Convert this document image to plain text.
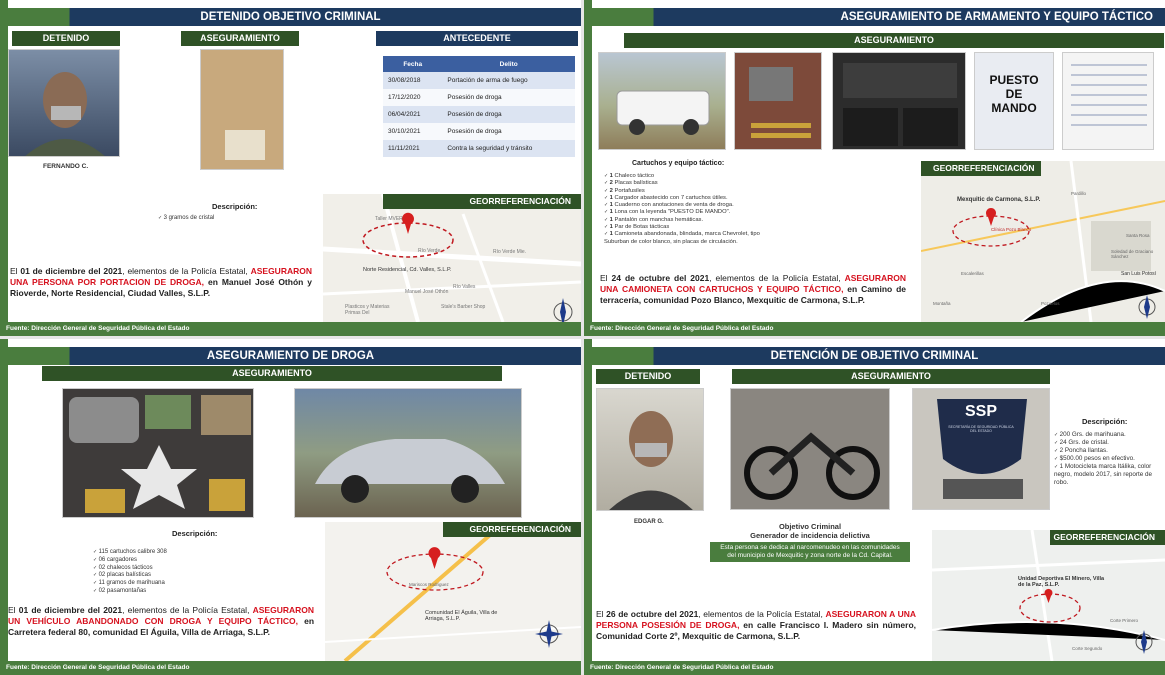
DETENIDO OBJETIVO CRIMINAL
DETENIDO	ASEGURAMIENTO	ANTECEDENTE
FERNANDO C.
Fecha	Delito
30/08/2018	Portación de arma de fuego
17/12/2020	Posesión de droga
06/04/2021	Posesión de droga
30/10/2021	Posesión de droga
11/11/2021	Contra la seguridad y tránsito
Descripción:
✓ 3 gramos de cristal
El 01 de diciembre del 2021, elementos de la Policía Estatal, ASEGURARON UNA PERSONA POR PORTACION DE DROGA, en Manuel José Othón y Rioverde, Norte Residencial, Ciudad Valles, S.L.P.
GEORREFERENCIACIÓN
Norte Residencial, Cd. Valles, S.L.P.
Río Verde Mie.
Río Verde
Río Valles
Plasticos y Materias Primas Del
Stale's Barber Shop
Taller MVER
Manuel José Othón
Fuente: Dirección General de Seguridad Pública del Estado
ASEGURAMIENTO DE ARMAMENTO Y EQUIPO TÁCTICO
ASEGURAMIENTO
PUESTO
DE
MANDO
Cartuchos y equipo táctico:
✓ 1 Chaleco táctico
✓ 2 Placas balísticas
✓ 2 Portafusiles
✓ 1 Cargador abastecido con 7 cartuchos útiles.
✓ 1 Cuaderno con anotaciones de venta de droga.
✓ 1 Lona con la leyenda "PUESTO DE MANDO".
✓ 1 Pantalón con manchas hemáticas.
✓ 1 Par de Botas tácticas
✓ 1 Camioneta abandonada, blindada, marca Chevrolet, tipo Suburban de color blanco, sin placas de circulación.
El 24 de octubre del 2021, elementos de la Policía Estatal, ASEGURARON UNA CAMIONETA CON CARTUCHOS Y EQUIPO TÁCTICO, en Camino de terracería, comunidad Pozo Blanco, Mexquitic de Carmona, S.L.P.
GEORREFERENCIACIÓN
Mexquitic de Carmona, S.L.P.
Clínica Pozo Blanco
San Luis Potosí
Soledad de Graciano Sánchez
Santa Rosa
Escalerillas
Pozuelos
Pardillo
Montaña
Fuente: Dirección General de Seguridad Pública del Estado
ASEGURAMIENTO DE DROGA
ASEGURAMIENTO
Descripción:
✓ 115 cartuchos calibre 308
✓ 06 cargadores
✓ 02 chalecos tácticos
✓ 02 placas balísticas
✓ 11 gramos de marihuana
✓ 02 pasamontañas
El 01 de diciembre del 2021, elementos de la Policía Estatal, ASEGURARON UN VEHÍCULO ABANDONADO CON DROGA Y EQUIPO TÁCTICO, en Carretera federal 80, comunidad El Águila, Villa de Arriaga, S.L.P.
GEORREFERENCIACIÓN
Comunidad El Águila, Villa de Arriaga, S.L.P.
Mariscos Rodriguez
Fuente: Dirección General de Seguridad Pública del Estado
DETENCIÓN DE OBJETIVO CRIMINAL
DETENIDO	ASEGURAMIENTO
EDGAR G.
SSP
SECRETARÍA DE SEGURIDAD PÚBLICA DEL ESTADO
Descripción:
✓ 200 Grs. de marihuana.
✓ 24 Grs. de cristal.
✓ 2 Poncha llantas.
✓ $500.00 pesos en efectivo.
✓ 1 Motocicleta marca Itálika, color negro, modelo 2017, sin reporte de robo.
Objetivo Criminal
Generador de incidencia delictiva
Esta persona se dedica al narcomenudeo en las comunidades del municipio de Mexquitic y zona norte de la Cd. Capital.
El 26 de octubre del 2021, elementos de la Policía Estatal, ASEGURARON A UNA PERSONA POSESIÓN DE DROGA, en calle Francisco I. Madero sin número, Comunidad Corte 2º, Mexquitic de Carmona, S.L.P.
GEORREFERENCIACIÓN
Unidad Deportiva El Minero, Villa de la Paz, S.L.P.
Corte Primero
Corte Segundo
Fuente: Dirección General de Seguridad Pública del Estado
